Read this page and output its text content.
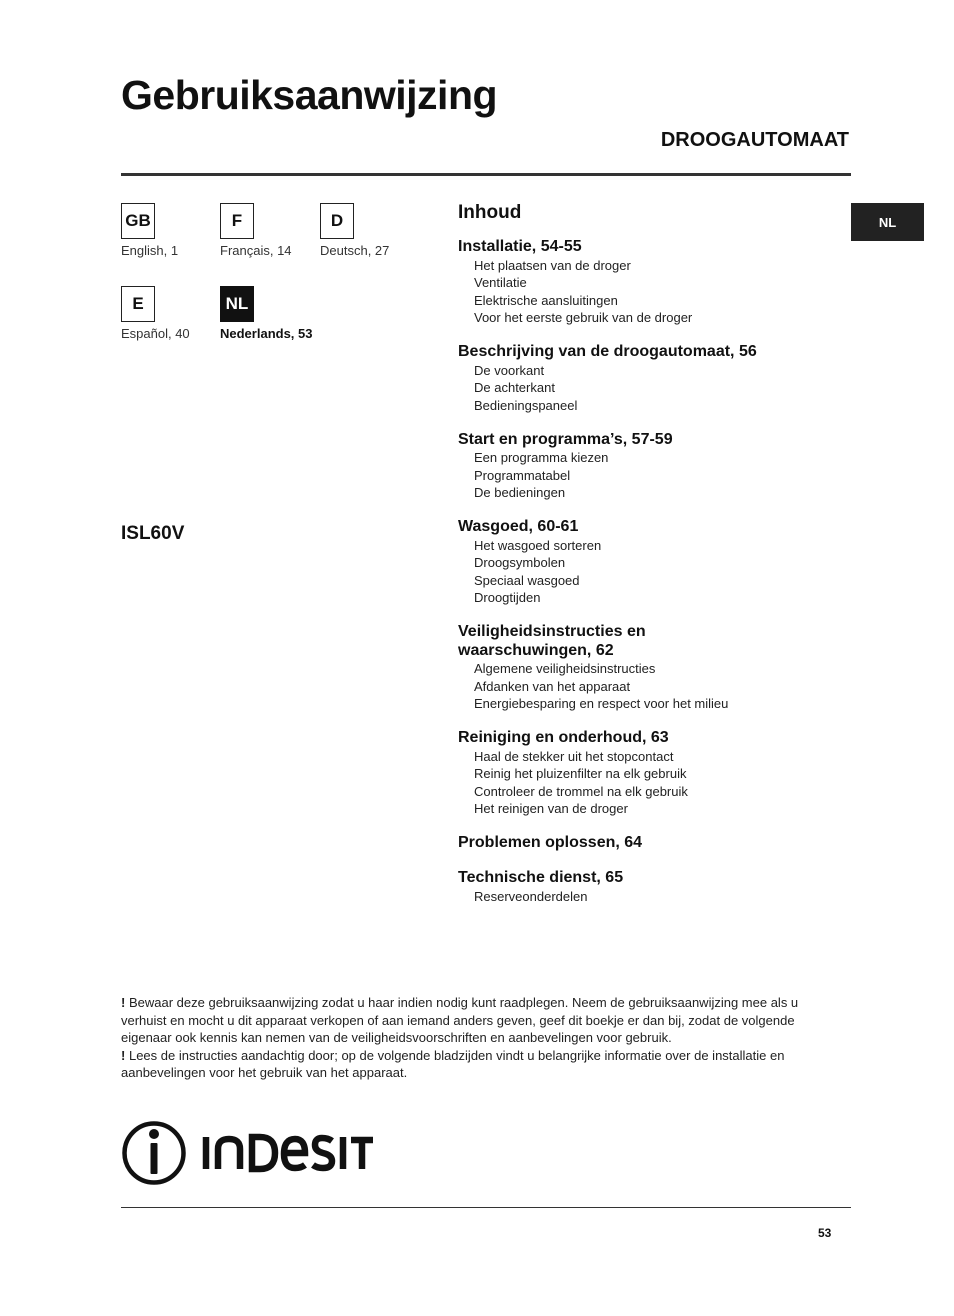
Gebruiksaanwijzing
DROOGAUTOMAAT
NL
GB
English, 1
F
Français, 14
D
Deutsch, 27
E
Español, 40
NL
Nederlands, 53
ISL60V
Inhoud
Installatie, 54-55
Het plaatsen van de droger
Ventilatie
Elektrische aansluitingen
Voor het eerste gebruik van de droger
Beschrijving van de droogautomaat, 56
De voorkant
De achterkant
Bedieningspaneel
Start en programma’s, 57-59
Een programma kiezen
Programmatabel
De bedieningen
Wasgoed, 60-61
Het wasgoed sorteren
Droogsymbolen
Speciaal wasgoed
Droogtijden
Veiligheidsinstructies en
waarschuwingen, 62
Algemene veiligheidsinstructies
Afdanken van het apparaat
Energiebesparing en respect voor het milieu
Reiniging en onderhoud, 63
Haal de stekker uit het stopcontact
Reinig het pluizenfilter na elk gebruik
Controleer de trommel na elk gebruik
Het reinigen van de droger
Problemen oplossen, 64
Technische dienst, 65
Reserveonderdelen
! Bewaar deze gebruiksaanwijzing zodat u haar indien nodig kunt raadplegen. Neem de gebruiksaanwijzing mee als u verhuist en mocht u dit apparaat verkopen of aan iemand anders geven, geef dit boekje er dan bij, zodat de volgende eigenaar ook kennis kan nemen van de veiligheidsvoorschriften en aanbevelingen voor gebruik.
! Lees de instructies aandachtig door; op de volgende bladzijden vindt u belangrijke informatie over de installatie en aanbevelingen voor het gebruik van het apparaat.
53
